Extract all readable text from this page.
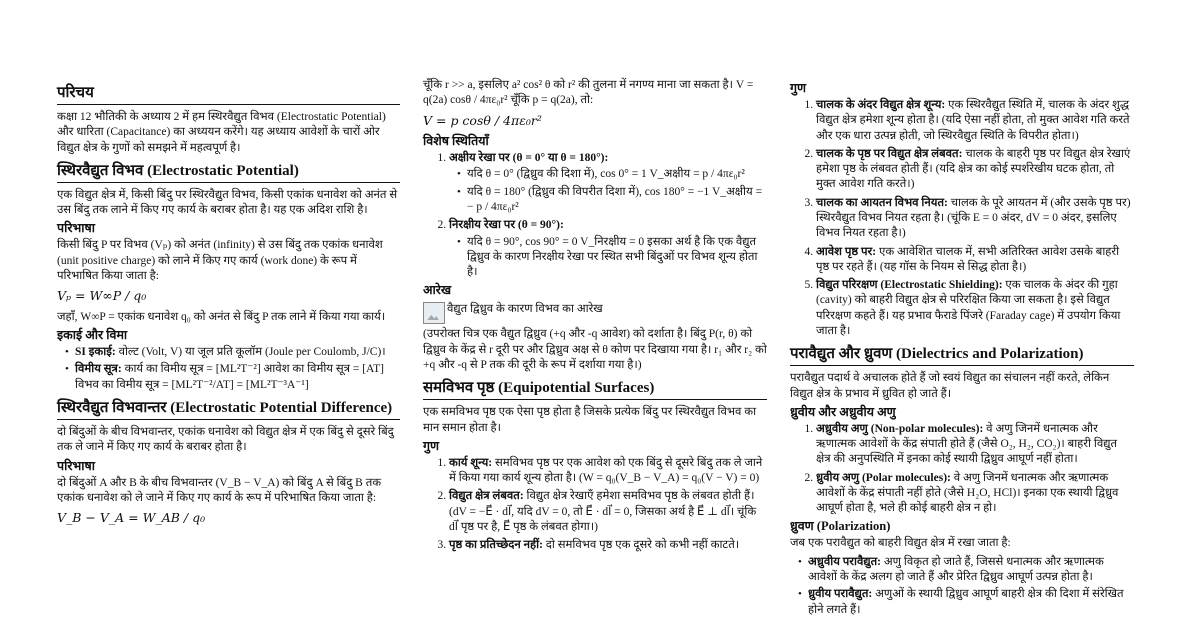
परिचय

कक्षा 12 भौतिकी के अध्याय 2 में हम स्थिरवैद्युत विभव (Electrostatic Potential) और धारिता (Capacitance) का अध्ययन करेंगे। यह अध्याय आवेशों के चारों ओर विद्युत क्षेत्र के गुणों को समझने में महत्वपूर्ण है।

स्थिरवैद्युत विभव (Electrostatic Potential)

एक विद्युत क्षेत्र में, किसी बिंदु पर स्थिरवैद्युत विभव, किसी एकांक धनावेश को अनंत से उस बिंदु तक लाने में किए गए कार्य के बराबर होता है। यह एक अदिश राशि है।

परिभाषा

किसी बिंदु P पर विभव (Vₚ) को अनंत (infinity) से उस बिंदु तक एकांक धनावेश (unit positive charge) को लाने में किए गए कार्य (work done) के रूप में परिभाषित किया जाता है:

Vₚ = W∞P / q₀

जहाँ, W∞P = एकांक धनावेश q₀ को अनंत से बिंदु P तक लाने में किया गया कार्य।

इकाई और विमा
• SI इकाई: वोल्ट (Volt, V) या जूल प्रति कूलॉम (Joule per Coulomb, J/C)।
• विमीय सूत्र: कार्य का विमीय सूत्र = [ML²T⁻²] आवेश का विमीय सूत्र = [AT] विभव का विमीय सूत्र = [ML²T⁻²/AT] = [ML²T⁻³A⁻¹]
स्थिरवैद्युत विभवान्तर (Electrostatic Potential Difference)

दो बिंदुओं के बीच विभवान्तर, एकांक धनावेश को विद्युत क्षेत्र में एक बिंदु से दूसरे बिंदु तक ले जाने में किए गए कार्य के बराबर होता है।

परिभाषा

दो बिंदुओं A और B के बीच विभवान्तर (V_B − V_A) को बिंदु A से बिंदु B तक एकांक धनावेश को ले जाने में किए गए कार्य के रूप में परिभाषित किया जाता है:

V_B − V_A = W_AB / q₀

चूँकि r >> a, इसलिए a² cos² θ को r² की तुलना में नगण्य माना जा सकता है। V = q(2a) cosθ / 4πε₀r² चूँकि p = q(2a), तो:

V = p cosθ / 4πε₀r²
विशेष स्थितियाँ
1. अक्षीय रेखा पर (θ = 0° या θ = 180°):
• यदि θ = 0° (द्विध्रुव की दिशा में), cos 0° = 1 V_अक्षीय = p / 4πε₀r²
• यदि θ = 180° (द्विध्रुव की विपरीत दिशा में), cos 180° = −1 V_अक्षीय = − p / 4πε₀r²
2. निरक्षीय रेखा पर (θ = 90°):
• यदि θ = 90°, cos 90° = 0 V_निरक्षीय = 0 इसका अर्थ है कि एक वैद्युत द्विध्रुव के कारण निरक्षीय रेखा पर स्थित सभी बिंदुओं पर विभव शून्य होता है।
आरेख
वैद्युत द्विध्रुव के कारण विभव का आरेख

(उपरोक्त चित्र एक वैद्युत द्विध्रुव (+q और -q आवेश) को दर्शाता है। बिंदु P(r, θ) को द्विध्रुव के केंद्र से r दूरी पर और द्विध्रुव अक्ष से θ कोण पर दिखाया गया है। r₁ और r₂ को +q और -q से P तक की दूरी के रूप में दर्शाया गया है।)

समविभव पृष्ठ (Equipotential Surfaces)

एक समविभव पृष्ठ एक ऐसा पृष्ठ होता है जिसके प्रत्येक बिंदु पर स्थिरवैद्युत विभव का मान समान होता है।

गुण
1. कार्य शून्य: समविभव पृष्ठ पर एक आवेश को एक बिंदु से दूसरे बिंदु तक ले जाने में किया गया कार्य शून्य होता है। (W = q₀(V_B − V_A) = q₀(V − V) = 0)
2. विद्युत क्षेत्र लंबवत: विद्युत क्षेत्र रेखाएँ हमेशा समविभव पृष्ठ के लंबवत होती हैं। (dV = −E⃗ · dl⃗, यदि dV = 0, तो E⃗ · dl⃗ = 0, जिसका अर्थ है E⃗ ⊥ dl⃗। चूंकि dl⃗ पृष्ठ पर है, E⃗ पृष्ठ के लंबवत होगा।)
3. पृष्ठ का प्रतिच्छेदन नहीं: दो समविभव पृष्ठ एक दूसरे को कभी नहीं काटते।
गुण
1. चालक के अंदर विद्युत क्षेत्र शून्य: एक स्थिरवैद्युत स्थिति में, चालक के अंदर शुद्ध विद्युत क्षेत्र हमेशा शून्य होता है। (यदि ऐसा नहीं होता, तो मुक्त आवेश गति करते और एक धारा उत्पन्न होती, जो स्थिरवैद्युत स्थिति के विपरीत होता।)
2. चालक के पृष्ठ पर विद्युत क्षेत्र लंबवत: चालक के बाहरी पृष्ठ पर विद्युत क्षेत्र रेखाएं हमेशा पृष्ठ के लंबवत होती हैं। (यदि क्षेत्र का कोई स्पर्शरेखीय घटक होता, तो मुक्त आवेश गति करते।)
3. चालक का आयतन विभव नियत: चालक के पूरे आयतन में (और उसके पृष्ठ पर) स्थिरवैद्युत विभव नियत रहता है। (चूंकि E = 0 अंदर, dV = 0 अंदर, इसलिए विभव नियत रहता है।)
4. आवेश पृष्ठ पर: एक आवेशित चालक में, सभी अतिरिक्त आवेश उसके बाहरी पृष्ठ पर रहते हैं। (यह गॉस के नियम से सिद्ध होता है।)
5. विद्युत परिरक्षण (Electrostatic Shielding): एक चालक के अंदर की गुहा (cavity) को बाहरी विद्युत क्षेत्र से परिरक्षित किया जा सकता है। इसे विद्युत परिरक्षण कहते हैं। यह प्रभाव फैराडे पिंजरे (Faraday cage) में उपयोग किया जाता है।
परावैद्युत और ध्रुवण (Dielectrics and Polarization)

परावैद्युत पदार्थ वे अचालक होते हैं जो स्वयं विद्युत का संचालन नहीं करते, लेकिन विद्युत क्षेत्र के प्रभाव में ध्रुवित हो जाते हैं।

ध्रुवीय और अध्रुवीय अणु
1. अध्रुवीय अणु (Non-polar molecules): वे अणु जिनमें धनात्मक और ऋणात्मक आवेशों के केंद्र संपाती होते हैं (जैसे O₂, H₂, CO₂)। बाहरी विद्युत क्षेत्र की अनुपस्थिति में इनका कोई स्थायी द्विध्रुव आघूर्ण नहीं होता।
2. ध्रुवीय अणु (Polar molecules): वे अणु जिनमें धनात्मक और ऋणात्मक आवेशों के केंद्र संपाती नहीं होते (जैसे H₂O, HCl)। इनका एक स्थायी द्विध्रुव आघूर्ण होता है, भले ही कोई बाहरी क्षेत्र न हो।
ध्रुवण (Polarization)

जब एक परावैद्युत को बाहरी विद्युत क्षेत्र में रखा जाता है:

• अध्रुवीय परावैद्युत: अणु विकृत हो जाते हैं, जिससे धनात्मक और ऋणात्मक आवेशों के केंद्र अलग हो जाते हैं और प्रेरित द्विध्रुव आघूर्ण उत्पन्न होता है।
• ध्रुवीय परावैद्युत: अणुओं के स्थायी द्विध्रुव आघूर्ण बाहरी क्षेत्र की दिशा में संरेखित होने लगते हैं।
